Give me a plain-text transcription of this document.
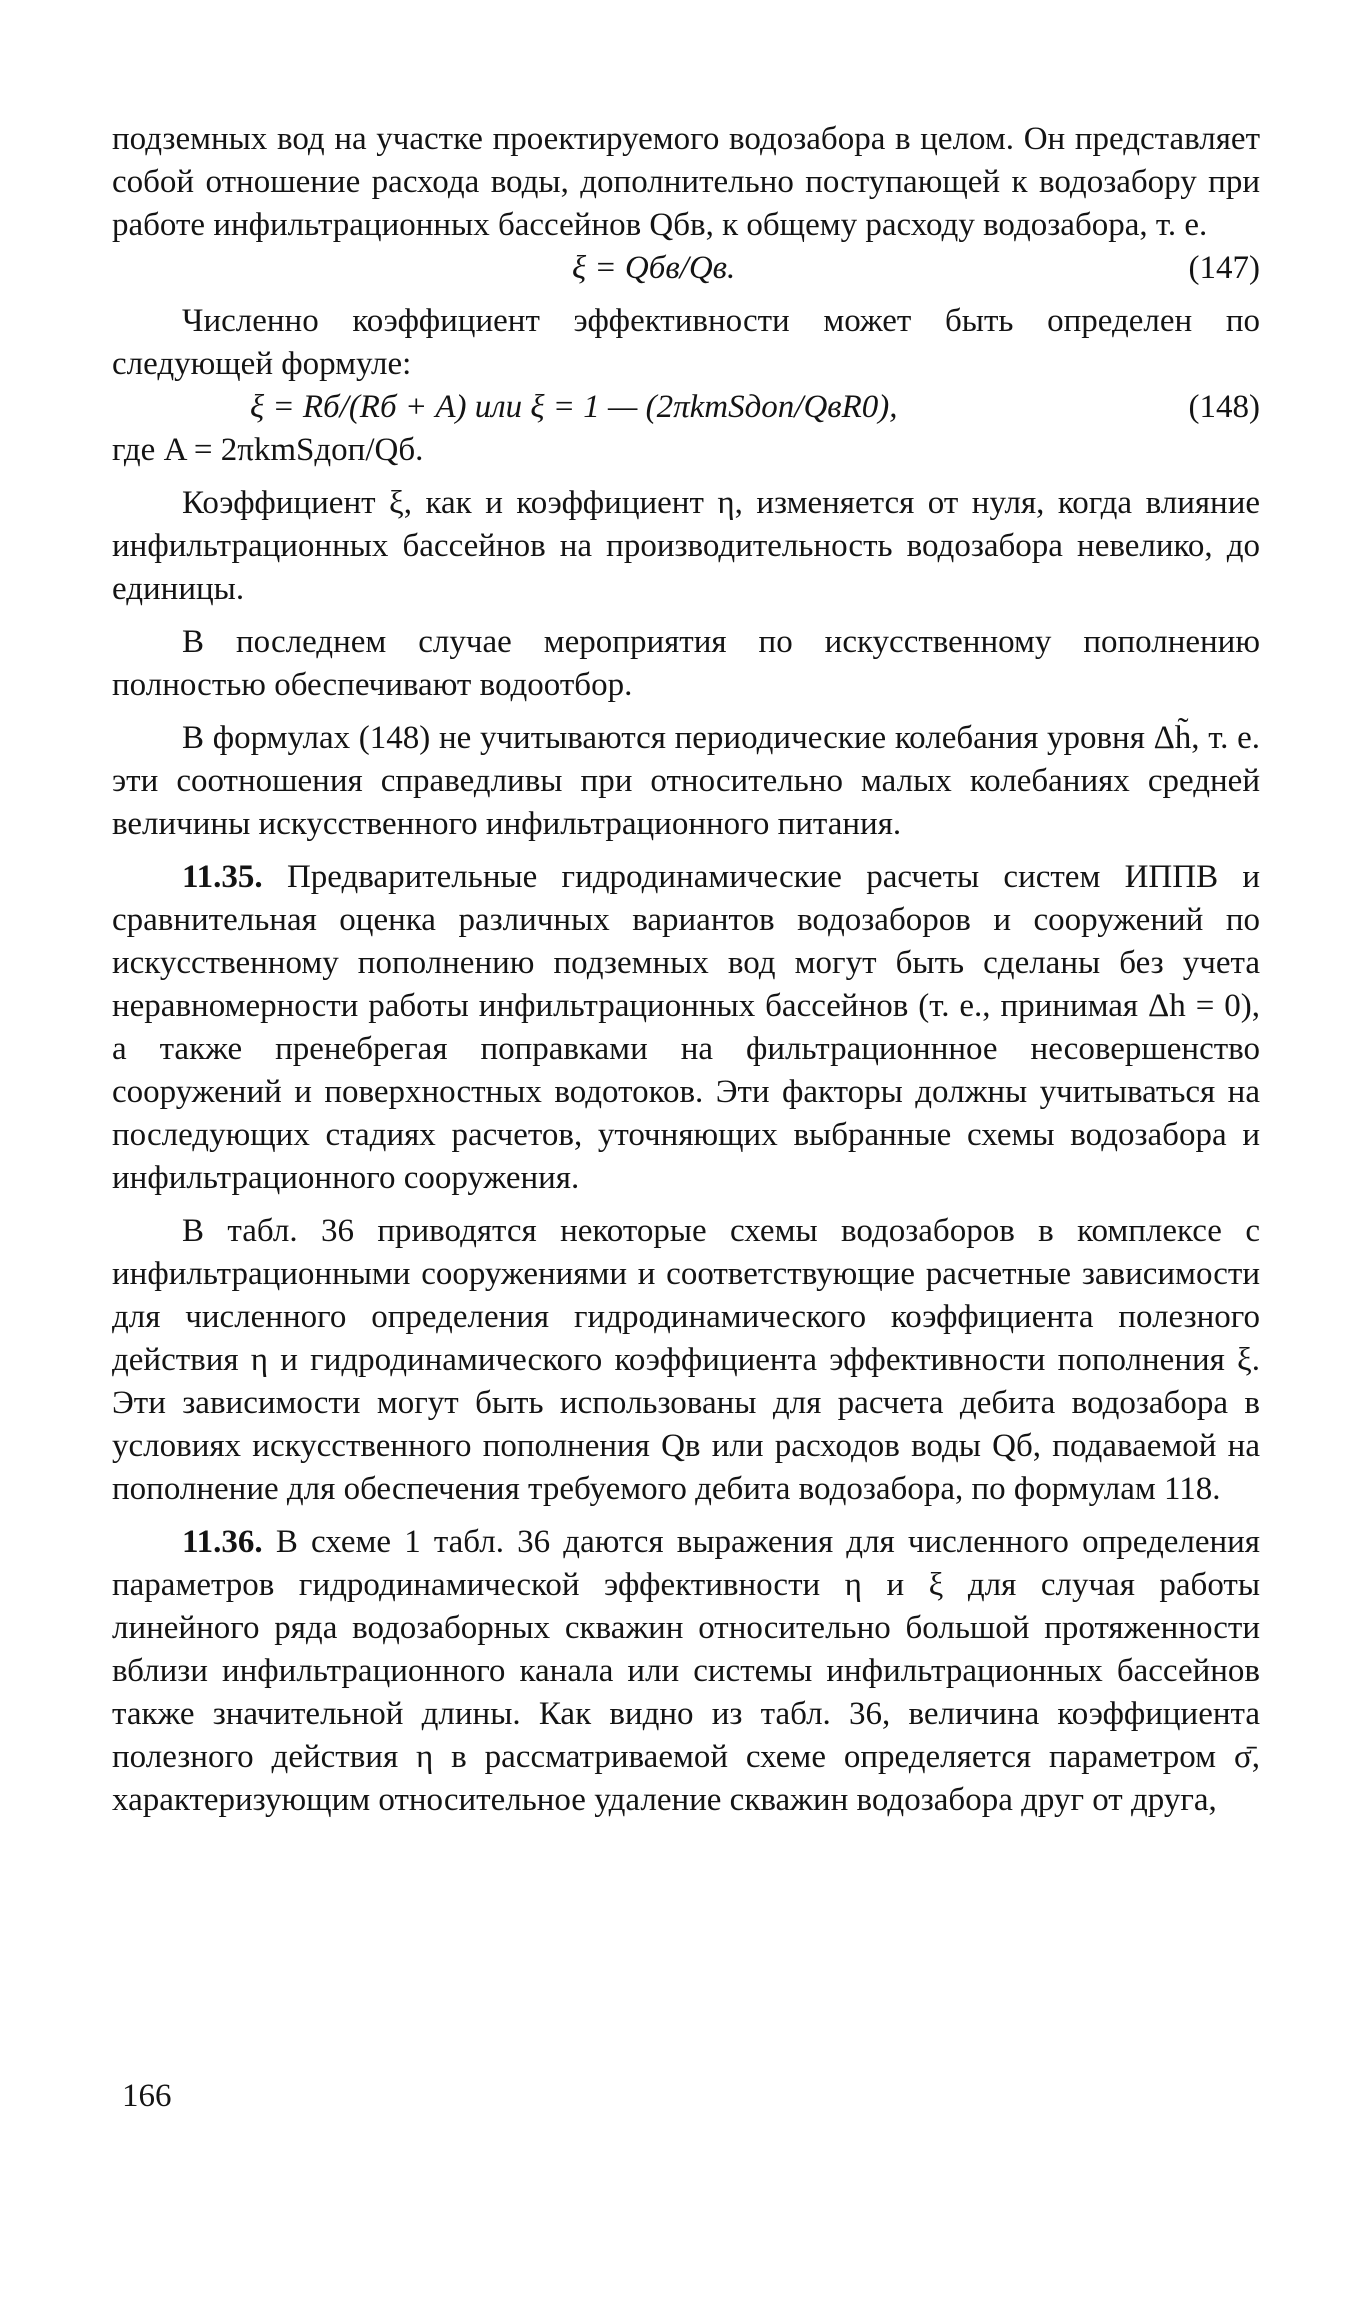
подземных вод на участке проектируемого водозабора в целом. Он представляет собой отношение расхода воды, дополнительно поступающей к водозабору при работе инфильтрационных бассейнов Qбв, к общему расходу водозабора, т. е.

ξ = Qбв/Qв.	(147)

Численно коэффициент эффективности может быть определен по следующей формуле:

ξ = Rб/(Rб + A) или ξ = 1 — (2πkmSдоп/QвR0),	(148)

где A = 2πkmSдоп/Qб.

Коэффициент ξ, как и коэффициент η, изменяется от нуля, когда влияние инфильтрационных бассейнов на производительность водозабора невелико, до единицы.

В последнем случае мероприятия по искусственному пополнению полностью обеспечивают водоотбор.

В формулах (148) не учитываются периодические колебания уровня Δh̃, т. е. эти соотношения справедливы при относительно малых колебаниях средней величины искусственного инфильтрационного питания.

11.35. Предварительные гидродинамические расчеты систем ИППВ и сравнительная оценка различных вариантов водозаборов и сооружений по искусственному пополнению подземных вод могут быть сделаны без учета неравномерности работы инфильтрационных бассейнов (т. е., принимая Δh = 0), а также пренебрегая поправками на фильтрационнное несовершенство сооружений и поверхностных водотоков. Эти факторы должны учитываться на последующих стадиях расчетов, уточняющих выбранные схемы водозабора и инфильтрационного сооружения.

В табл. 36 приводятся некоторые схемы водозаборов в комплексе с инфильтрационными сооружениями и соответствующие расчетные зависимости для численного определения гидродинамического коэффициента полезного действия η и гидродинамического коэффициента эффективности пополнения ξ. Эти зависимости могут быть использованы для расчета дебита водозабора в условиях искусственного пополнения Qв или расходов воды Qб, подаваемой на пополнение для обеспечения требуемого дебита водозабора, по формулам 118.

11.36. В схеме 1 табл. 36 даются выражения для численного определения параметров гидродинамической эффективности η и ξ для случая работы линейного ряда водозаборных скважин относительно большой протяженности вблизи инфильтрационного канала или системы инфильтрационных бассейнов также значительной длины. Как видно из табл. 36, величина коэффициента полезного действия η в рассматриваемой схеме определяется параметром σ̄, характеризующим относительное удаление скважин водозабора друг от друга,

166
